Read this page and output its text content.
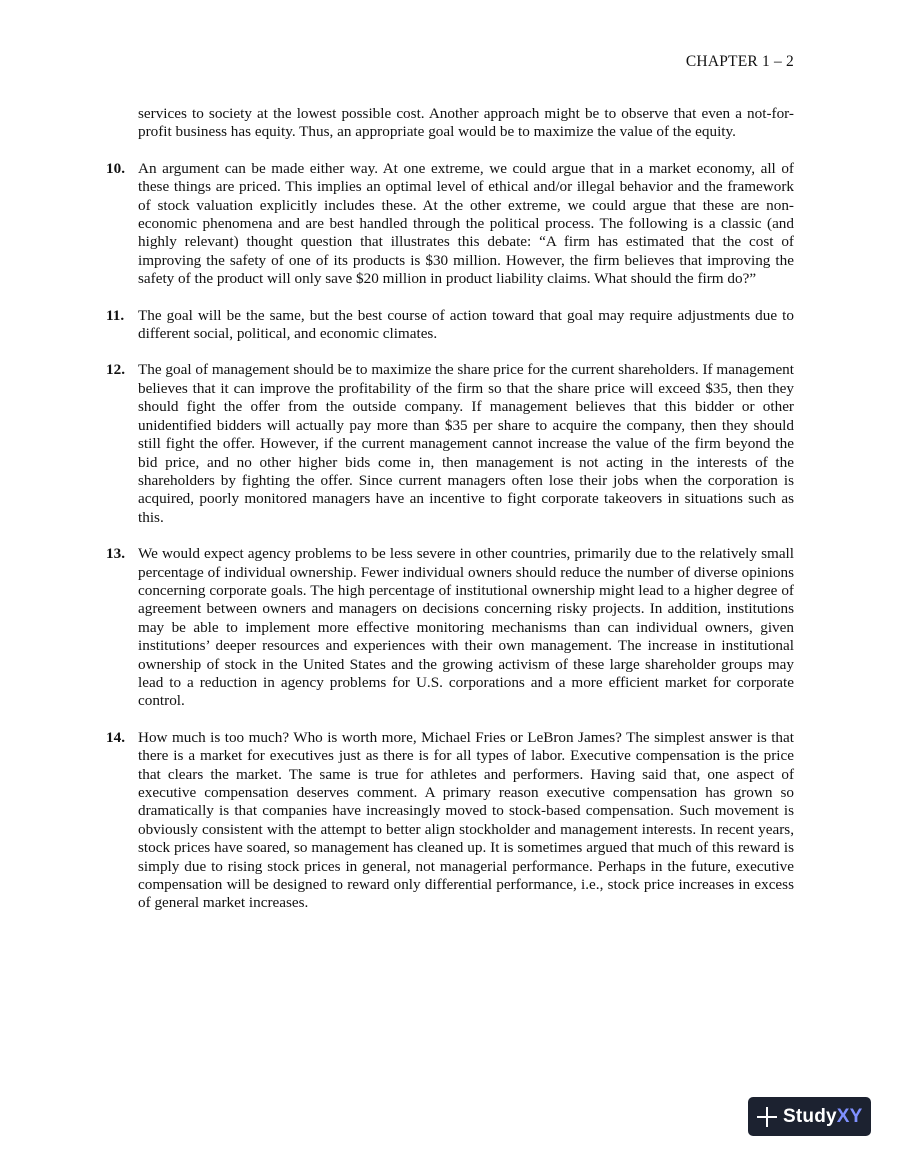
CHAPTER 1 – 2
services to society at the lowest possible cost. Another approach might be to observe that even a not-for-profit business has equity. Thus, an appropriate goal would be to maximize the value of the equity.
10. An argument can be made either way. At one extreme, we could argue that in a market economy, all of these things are priced. This implies an optimal level of ethical and/or illegal behavior and the framework of stock valuation explicitly includes these. At the other extreme, we could argue that these are non-economic phenomena and are best handled through the political process. The following is a classic (and highly relevant) thought question that illustrates this debate: “A firm has estimated that the cost of improving the safety of one of its products is $30 million. However, the firm believes that improving the safety of the product will only save $20 million in product liability claims. What should the firm do?”
11. The goal will be the same, but the best course of action toward that goal may require adjustments due to different social, political, and economic climates.
12. The goal of management should be to maximize the share price for the current shareholders. If management believes that it can improve the profitability of the firm so that the share price will exceed $35, then they should fight the offer from the outside company. If management believes that this bidder or other unidentified bidders will actually pay more than $35 per share to acquire the company, then they should still fight the offer. However, if the current management cannot increase the value of the firm beyond the bid price, and no other higher bids come in, then management is not acting in the interests of the shareholders by fighting the offer. Since current managers often lose their jobs when the corporation is acquired, poorly monitored managers have an incentive to fight corporate takeovers in situations such as this.
13. We would expect agency problems to be less severe in other countries, primarily due to the relatively small percentage of individual ownership. Fewer individual owners should reduce the number of diverse opinions concerning corporate goals. The high percentage of institutional ownership might lead to a higher degree of agreement between owners and managers on decisions concerning risky projects. In addition, institutions may be able to implement more effective monitoring mechanisms than can individual owners, given institutions’ deeper resources and experiences with their own management. The increase in institutional ownership of stock in the United States and the growing activism of these large shareholder groups may lead to a reduction in agency problems for U.S. corporations and a more efficient market for corporate control.
14. How much is too much? Who is worth more, Michael Fries or LeBron James? The simplest answer is that there is a market for executives just as there is for all types of labor. Executive compensation is the price that clears the market. The same is true for athletes and performers. Having said that, one aspect of executive compensation deserves comment. A primary reason executive compensation has grown so dramatically is that companies have increasingly moved to stock-based compensation. Such movement is obviously consistent with the attempt to better align stockholder and management interests. In recent years, stock prices have soared, so management has cleaned up. It is sometimes argued that much of this reward is simply due to rising stock prices in general, not managerial performance. Perhaps in the future, executive compensation will be designed to reward only differential performance, i.e., stock price increases in excess of general market increases.
StudyXY
